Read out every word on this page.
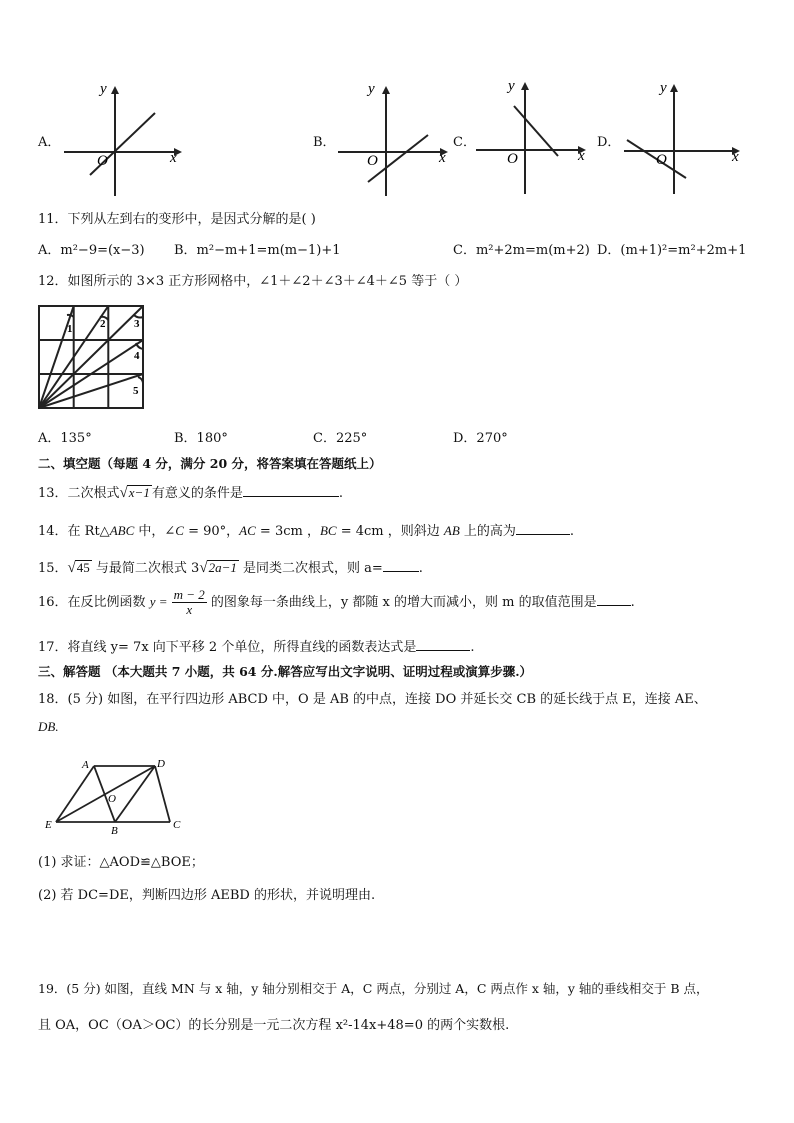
A．
y
x
O
B．
y
x
O
C．
y
x
O
D．
y
x
O
11．下列从左到右的变形中，是因式分解的是( )
A．m²−9=(x−3) B．m²−m+1=m(m−1)+1	C．m²+2m=m(m+2) D．(m+1)²=m²+2m+1
12．如图所示的 3×3 正方形网格中，∠1＋∠2＋∠3＋∠4＋∠5 等于（ ）
1	2	3
4
5
A．135°	B．180°	C．225°	D．270°
二、填空题（每题 4 分，满分 20 分，将答案填在答题纸上）
13．二次根式√x−1 有意义的条件是	.
14．在 Rt△ABC 中，∠C = 90°，AC = 3cm ，BC = 4cm ，则斜边 AB 上的高为	.
15．√45 与最简二次根式 3√2a−1 是同类二次根式，则 a=	.
16．在反比例函数 $y = \frac{m - 2}{x}$ 的图象每一条曲线上，y 都随 x 的增大而减小，则 m 的取值范围是	.
17．将直线 y= 7x 向下平移 2 个单位，所得直线的函数表达式是	.
三、解答题 （本大题共 7 小题，共 64 分.解答应写出文字说明、证明过程或演算步骤.）
18．(5 分) 如图，在平行四边形 ABCD 中，O 是 AB 的中点，连接 DO 并延长交 CB 的延长线于点 E，连接 AE、
DB.
A	D
O
E	B	C
(1) 求证：△AOD≌△BOE；
(2) 若 DC=DE，判断四边形 AEBD 的形状，并说明理由.
19．(5 分) 如图，直线 MN 与 x 轴，y 轴分别相交于 A，C 两点，分别过 A，C 两点作 x 轴，y 轴的垂线相交于 B 点，
且 OA，OC（OA＞OC）的长分别是一元二次方程 x²-14x+48=0 的两个实数根.
